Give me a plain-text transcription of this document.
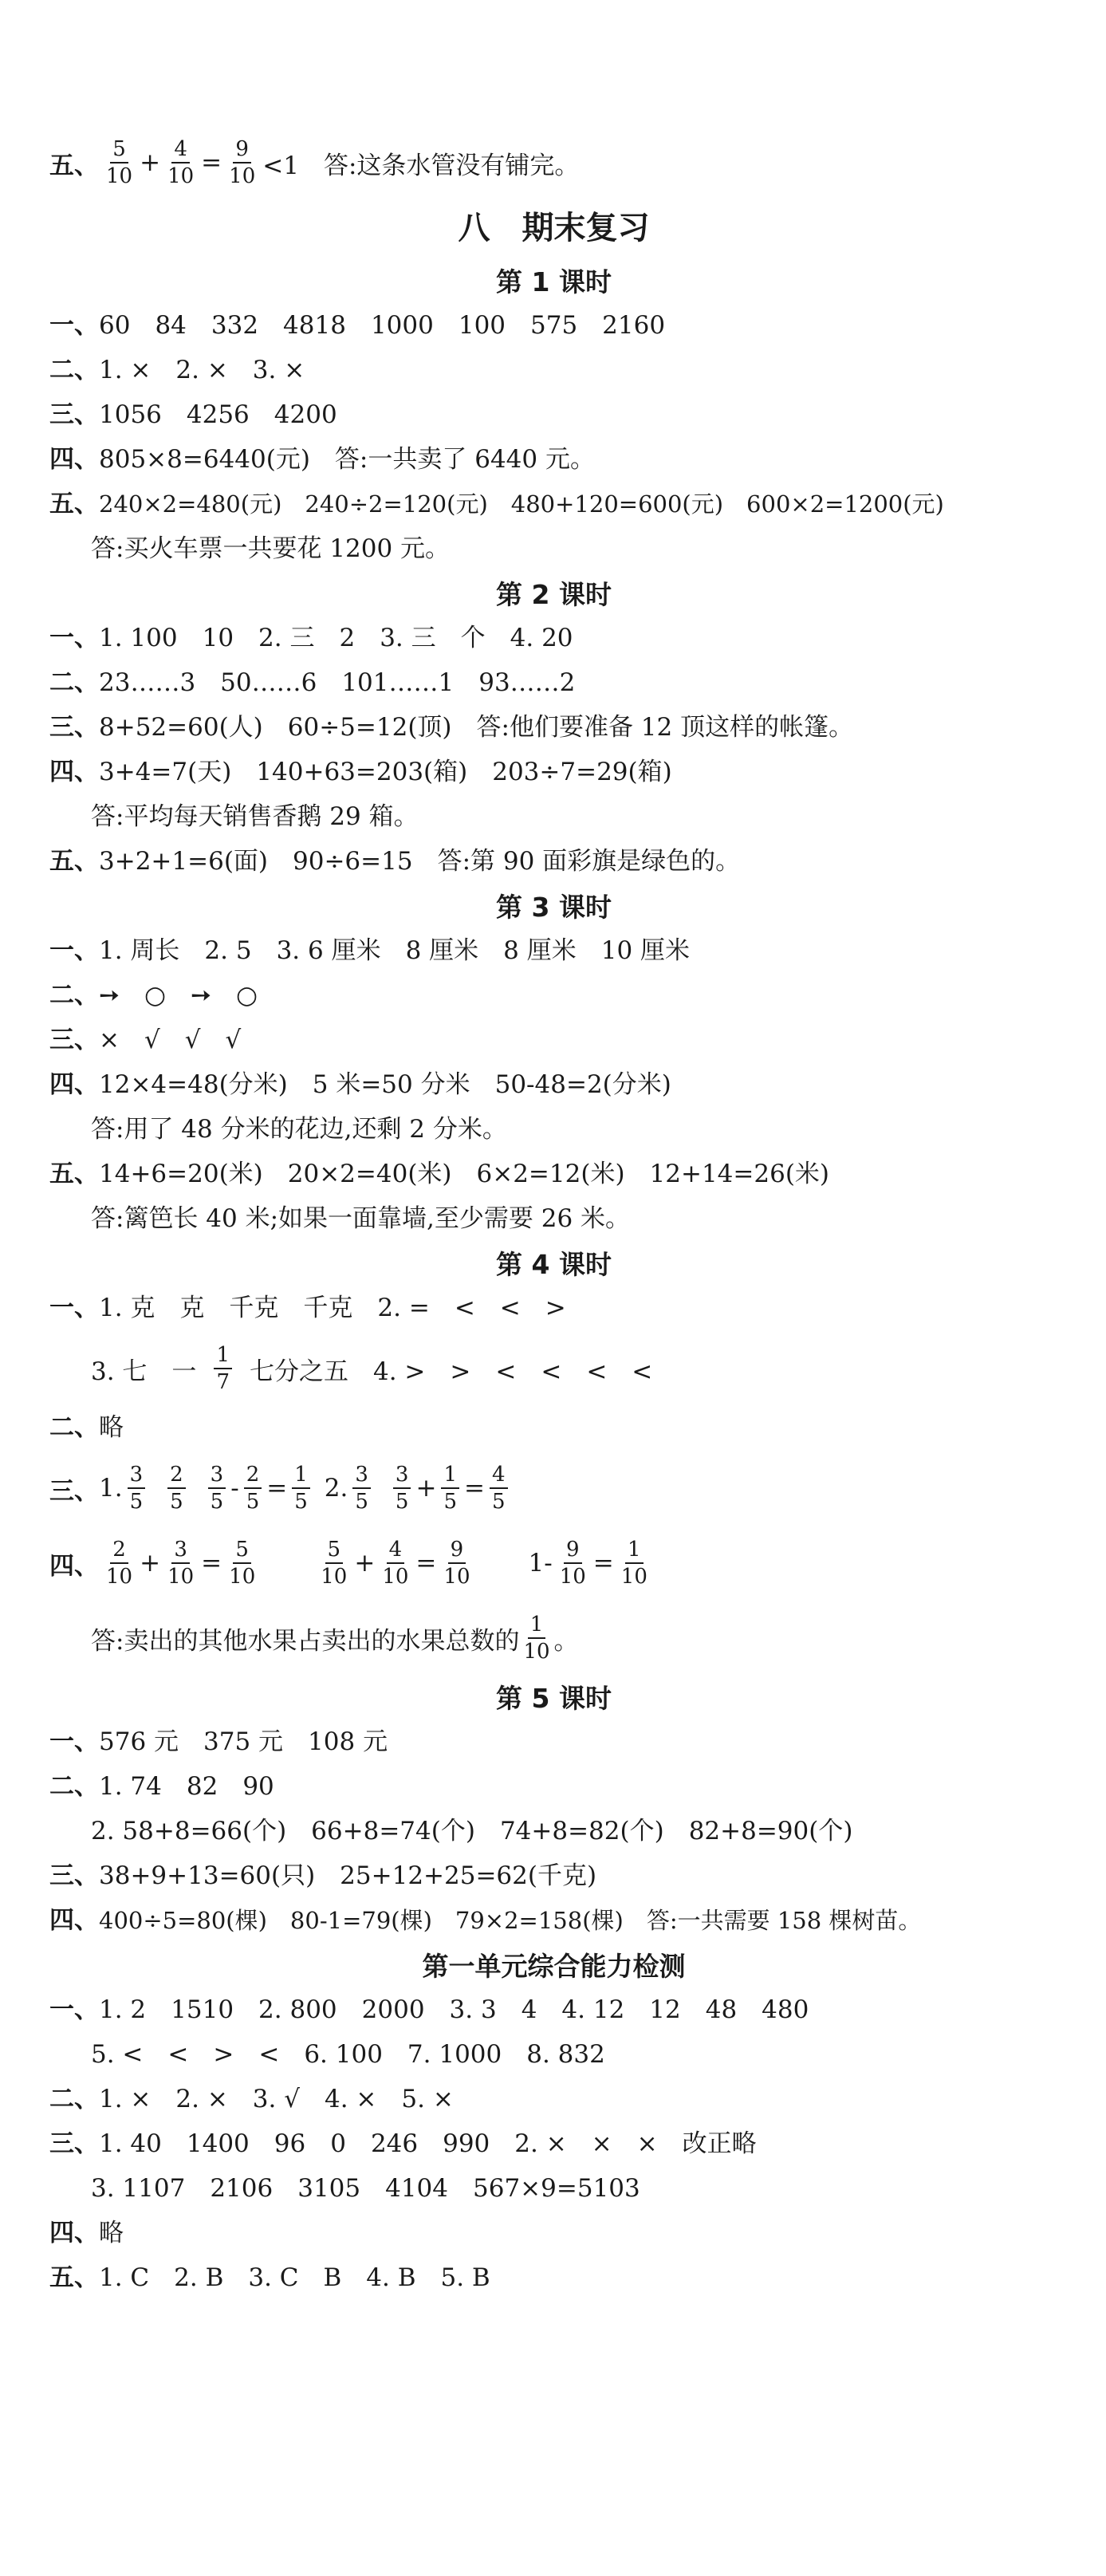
五、
5
$10 + \frac{4}{10} = \frac{9}{10} <1$　答:这条水管没有铺完。
八　期末复习
第 1 课时
一、60　84　332　4818　1000　100　575　2160
二、1. ×　2. ×　3. ×
三、1056　4256　4200
四、805×8=6440(元)　答:一共卖了 6440 元。
五、240×2=480(元)　240÷2=120(元)　480+120=600(元)　600×2=1200(元)
答:买火车票一共要花 1200 元。
第 2 课时
一、1. 100　10　2. 三　2　3. 三　个　4. 20
二、23……3　50……6　101……1　93……2
三、8+52=60(人)　60÷5=12(顶)　答:他们要准备 12 顶这样的帐篷。
四、3+4=7(天)　140+63=203(箱)　203÷7=29(箱)
答:平均每天销售香鹅 29 箱。
五、3+2+1=6(面)　90÷6=15　答:第 90 面彩旗是绿色的。
第 3 课时
一、1. 周长　2. 5　3. 6 厘米　8 厘米　8 厘米　10 厘米
二、➙　○　➙　○
三、×　√　√　√
四、12×4=48(分米)　5 米=50 分米　50-48=2(分米)
答:用了 48 分米的花边,还剩 2 分米。
五、14+6=20(米)　20×2=40(米)　6×2=12(米)　12+14=26(米)
答:篱笆长 40 米;如果一面靠墙,至少需要 26 米。
第 4 课时
一、1. 克　克　千克　千克　2. =　<　<　>
3. 七　一
1
7 七分之五　4. >　>　<　<　<　<
二、略
三、 1. 3
5
2
5
3
$5 - \frac{2}{5} = \frac{1}{5} 2$. 3
5
3
$5 + \frac{1}{5} = \frac{4}{5}$
四、
2
$10 + \frac{3}{10} = \frac{5}{10}$	5
$10 + \frac{4}{10} = \frac{9}{10} 1- \frac{9}{10} = \frac{1}{10}$
答:卖出的其他水果占卖出的水果总数的
1
10 。
第 5 课时
一、576 元　375 元　108 元
二、1. 74　82　90
2. 58+8=66(个)　66+8=74(个)　74+8=82(个)　82+8=90(个)
三、38+9+13=60(只)　25+12+25=62(千克)
四、400÷5=80(棵)　80-1=79(棵)　79×2=158(棵)　答:一共需要 158 棵树苗。
第一单元综合能力检测
一、1. 2　1510　2. 800　2000　3. 3　4　4. 12　12　48　480
5. <　<　>　<　6. 100　7. 1000　8. 832
二、1. ×　2. ×　3. √　4. ×　5. ×
三、1. 40　1400　96　0　246　990　2. ×　×　×　改正略
3. 1107　2106　3105　4104　567×9=5103
四、略
五、1. C　2. B　3. C　B　4. B　5. B
